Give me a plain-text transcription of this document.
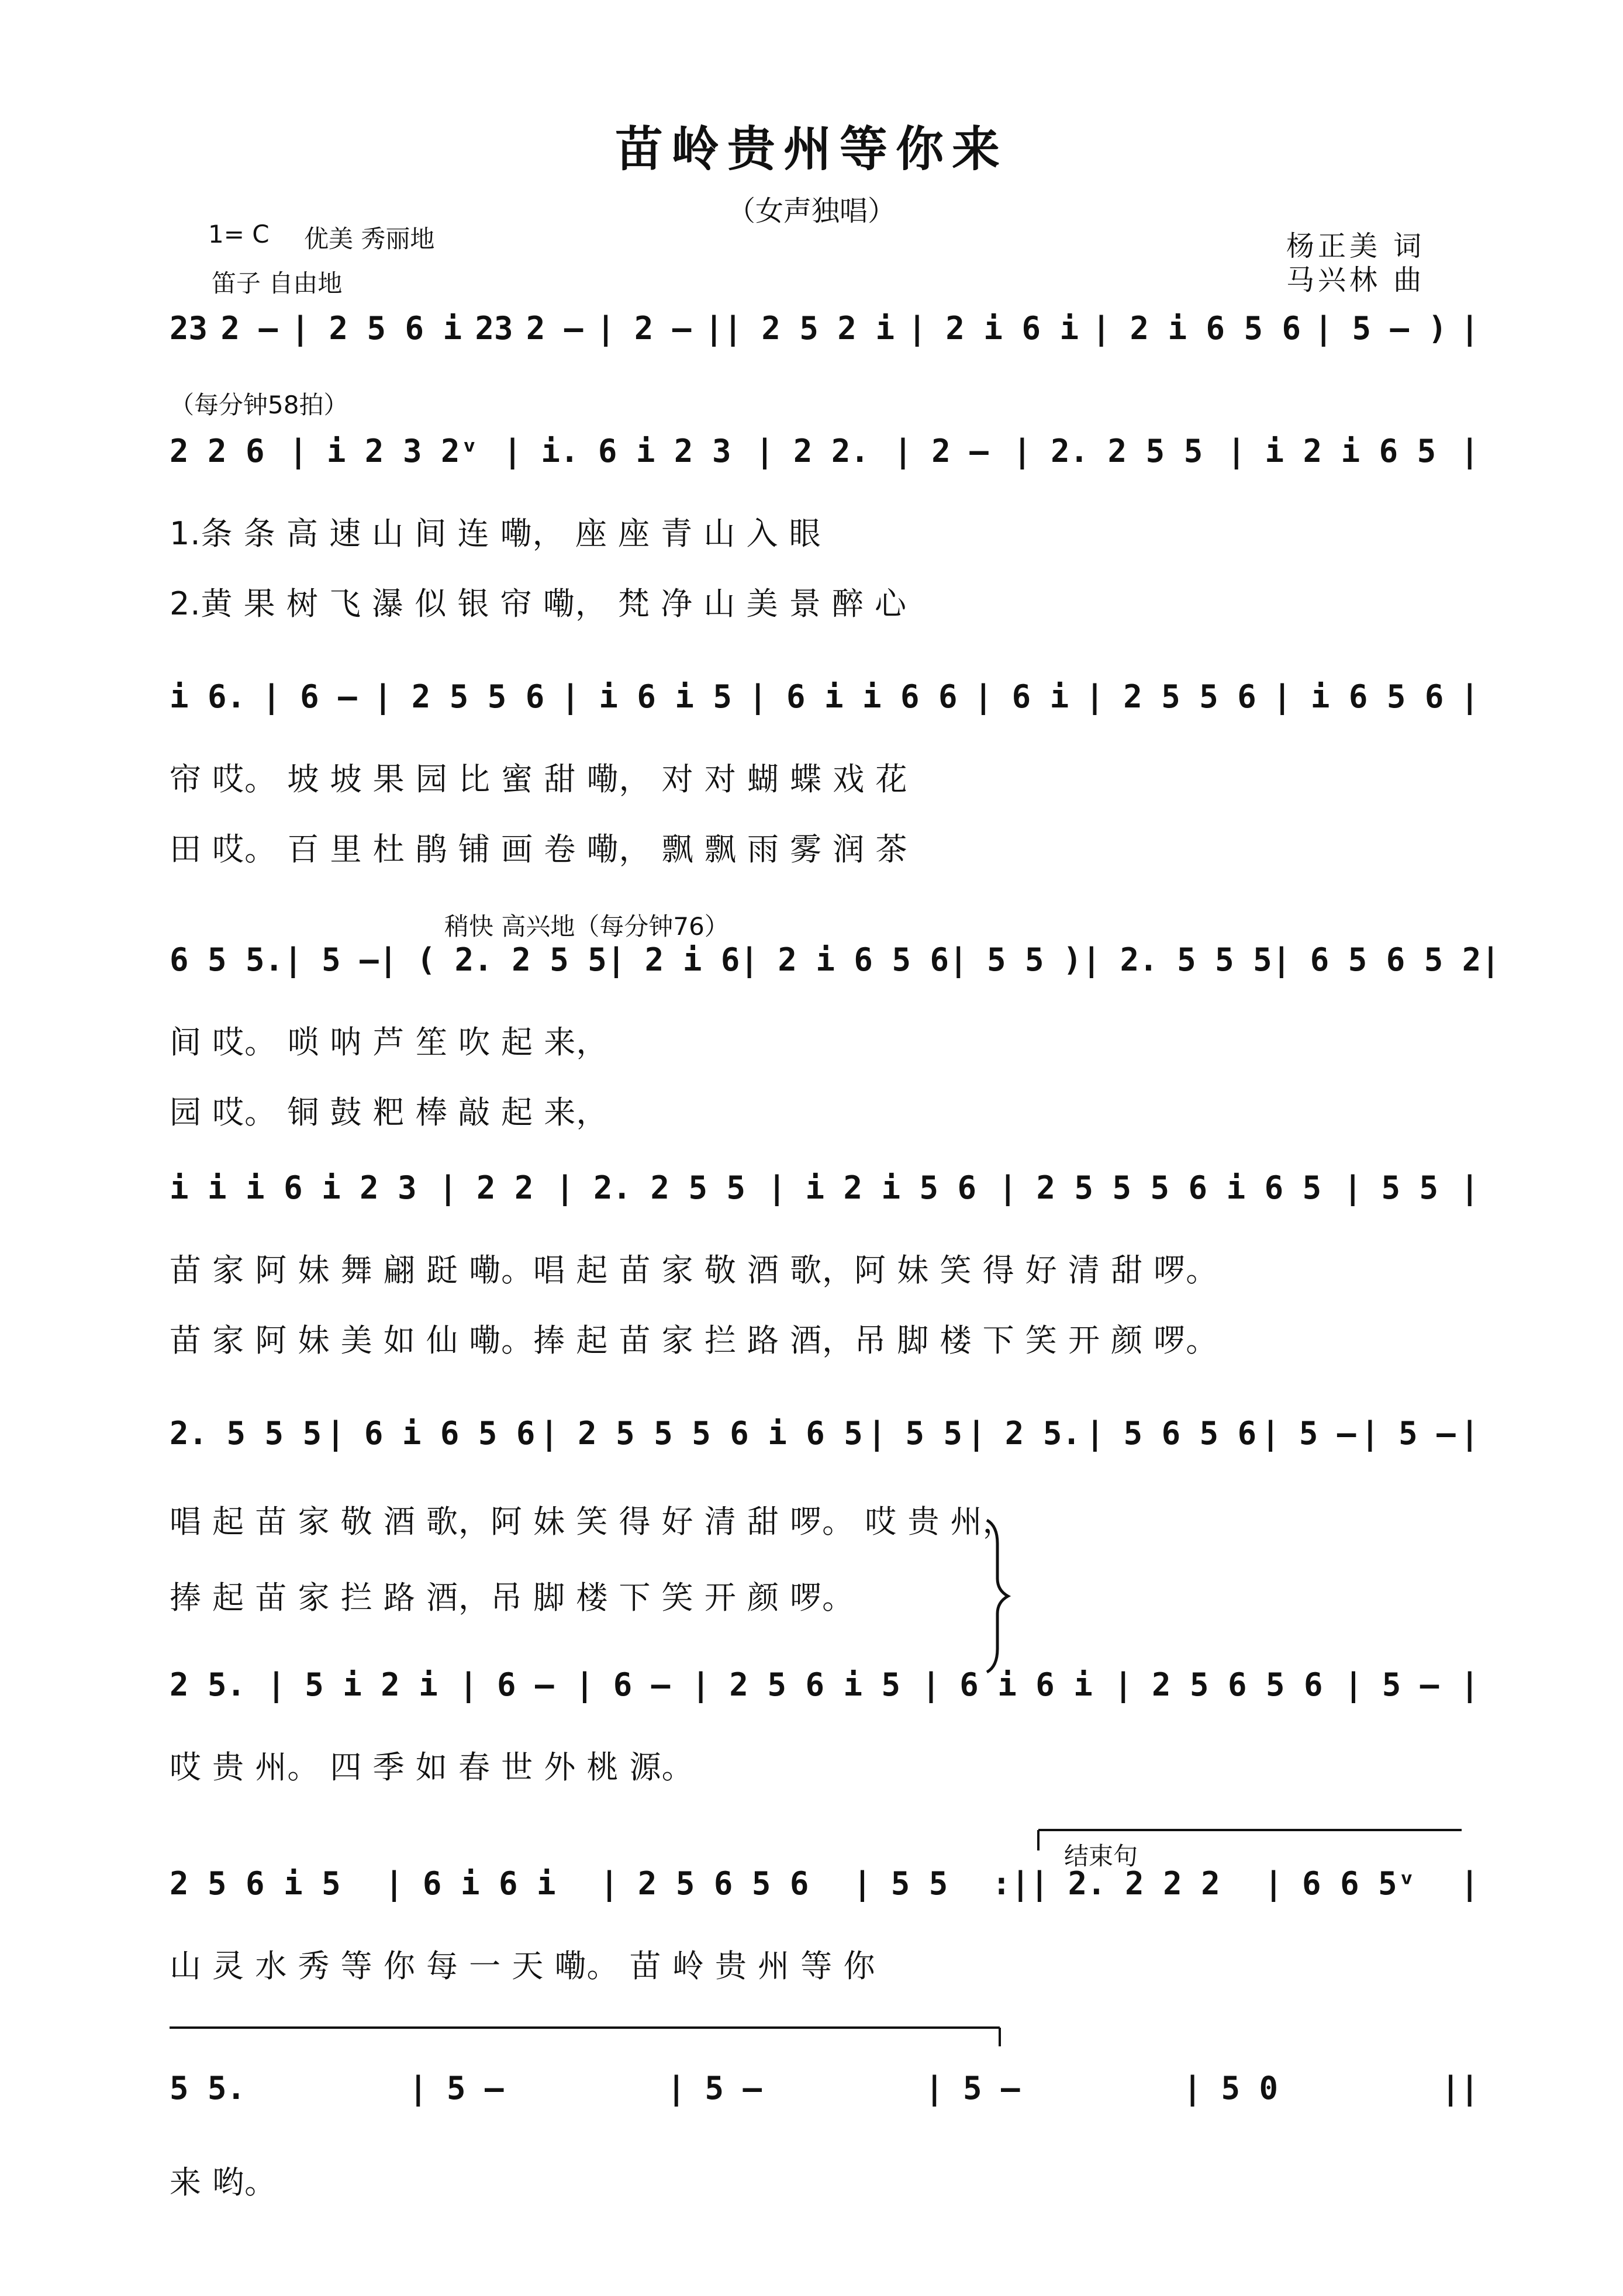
苗岭贵州等你来
（女声独唱）
1= C 优美 秀丽地
笛子 自由地
（每分钟58拍）
杨正美 词
马兴林 曲
稍快 高兴地（每分钟76）
结束句
23 2 – | 2 5 6 i 23 2 – | 2 – || 2 5 2 i | 2 i 6 i | 2 i 6 5 6 | 5 – ) |
2 2 6 | i 2 3 2ᵛ | i. 6 i 2 3 | 2 2. | 2 – | 2. 2 5 5 | i 2 i 6 5 |
1.条 条 高 速 山 间 连 嘞， 座 座 青 山 入 眼
2.黄 果 树 飞 瀑 似 银 帘 嘞， 梵 净 山 美 景 醉 心
i 6. | 6 – | 2 5 5 6 | i 6 i 5 | 6 i i 6 6 | 6 i | 2 5 5 6 | i 6 5 6 |
帘 哎。 坡 坡 果 园 比 蜜 甜 嘞， 对 对 蝴 蝶 戏 花
田 哎。 百 里 杜 鹃 铺 画 卷 嘞， 飘 飘 雨 雾 润 茶
6 5 5. | 5 – | ( 2. 2 5 5 | 2 i 6 | 2 i 6 5 6 | 5 5 ) | 2. 5 5 5 | 6 5 6 5 2 |
间 哎。 唢 呐 芦 笙 吹 起 来，
园 哎。 铜 鼓 粑 棒 敲 起 来，
i i i 6 i 2 3 | 2 2 | 2. 2 5 5 | i 2 i 5 6 | 2 5 5 5 6 i 6 5 | 5 5 |
苗 家 阿 妹 舞 翩 跹 嘞。唱 起 苗 家 敬 酒 歌，阿 妹 笑 得 好 清 甜 啰。
苗 家 阿 妹 美 如 仙 嘞。捧 起 苗 家 拦 路 酒，吊 脚 楼 下 笑 开 颜 啰。
2. 5 5 5 | 6 i 6 5 6 | 2 5 5 5 6 i 6 5 | 5 5 | 2 5. | 5 6 5 6 | 5 – | 5 – |
唱 起 苗 家 敬 酒 歌，阿 妹 笑 得 好 清 甜 啰。 哎 贵 州，
捧 起 苗 家 拦 路 酒，吊 脚 楼 下 笑 开 颜 啰。
2 5. | 5 i 2 i | 6 – | 6 – | 2 5 6 i 5 | 6 i 6 i | 2 5 6 5 6 | 5 – |
哎 贵 州。 四 季 如 春 世 外 桃 源。
2 5 6 i 5 | 6 i 6 i | 2 5 6 5 6 | 5 5 :|| 2. 2 2 2 | 6 6 5ᵛ |
山 灵 水 秀 等 你 每 一 天 嘞。 苗 岭 贵 州 等 你
5 5.	| 5 –	| 5 –	| 5 –	| 5 0	||
来 哟。
